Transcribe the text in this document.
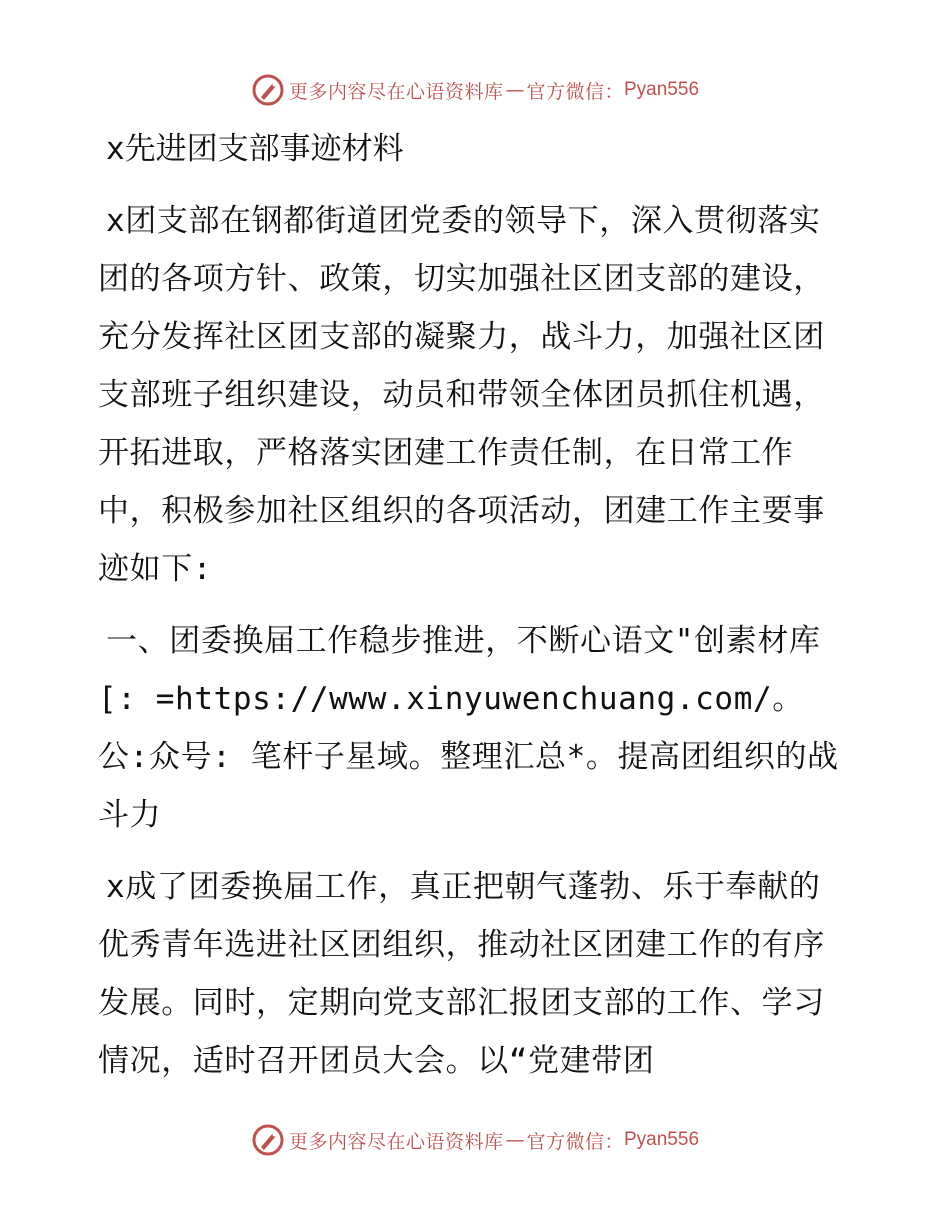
更多内容尽在心语资料库 — 官方微信： Pyan556
x先进团支部事迹材料

x团支部在钢都街道团党委的领导下，深入贯彻落实团的各项方针、政策，切实加强社区团支部的建设，充分发挥社区团支部的凝聚力，战斗力，加强社区团支部班子组织建设，动员和带领全体团员抓住机遇，开拓进取，严格落实团建工作责任制，在日常工作中，积极参加社区组织的各项活动，团建工作主要事迹如下:

一、团委换届工作稳步推进，不断心语文"创素材库[: =https://www.xinyuwenchuang.com/。公:众号: 笔杆子星域。整理汇总*。提高团组织的战斗力

x成了团委换届工作，真正把朝气蓬勃、乐于奉献的优秀青年选进社区团组织，推动社区团建工作的有序发展。同时，定期向党支部汇报团支部的工作、学习情况，适时召开团员大会。以“党建带团

更多内容尽在心语资料库 — 官方微信： Pyan556
